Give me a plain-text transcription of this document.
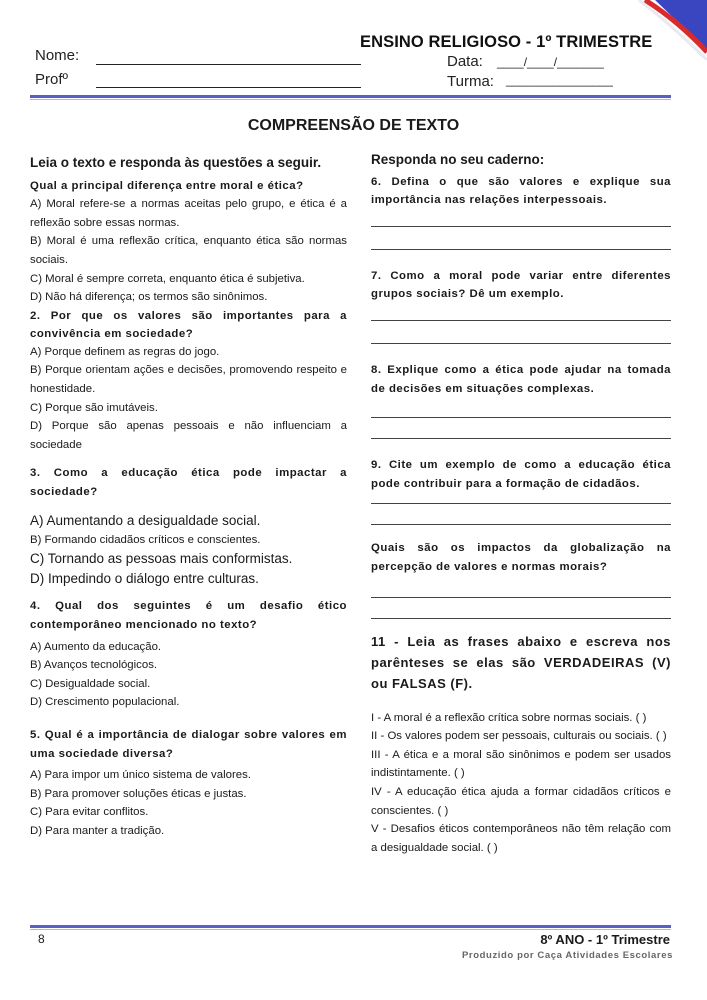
ENSINO RELIGIOSO - 1º TRIMESTRE
Nome:
Profº
Data: ____/____/_______
Turma: ________________
COMPREENSÃO DE TEXTO

Leia o texto e responda às questões a seguir.

Qual a principal diferença entre moral e ética?

A) Moral refere-se a normas aceitas pelo grupo, e ética é a reflexão sobre essas normas.

B) Moral é uma reflexão crítica, enquanto ética são normas sociais.

C) Moral é sempre correta, enquanto ética é subjetiva.

D) Não há diferença; os termos são sinônimos.

2. Por que os valores são importantes para a convivência em sociedade?

A) Porque definem as regras do jogo.

B) Porque orientam ações e decisões, promovendo respeito e honestidade.

C) Porque são imutáveis.

D) Porque são apenas pessoais e não influenciam a sociedade

3. Como a educação ética pode impactar a sociedade?

A) Aumentando a desigualdade social.

B) Formando cidadãos críticos e conscientes.

C) Tornando as pessoas mais conformistas.

D) Impedindo o diálogo entre culturas.

4. Qual dos seguintes é um desafio ético contemporâneo mencionado no texto?

A) Aumento da educação.

B) Avanços tecnológicos.

C) Desigualdade social.

D) Crescimento populacional.

5. Qual é a importância de dialogar sobre valores em uma sociedade diversa?

A) Para impor um único sistema de valores.

B) Para promover soluções éticas e justas.

C) Para evitar conflitos.

D) Para manter a tradição.

Responda no seu caderno:

6. Defina o que são valores e explique sua importância nas relações interpessoais.

7. Como a moral pode variar entre diferentes grupos sociais? Dê um exemplo.

8. Explique como a ética pode ajudar na tomada de decisões em situações complexas.

9. Cite um exemplo de como a educação ética pode contribuir para a formação de cidadãos.

Quais são os impactos da globalização na percepção de valores e normas morais?

11 - Leia as frases abaixo e escreva nos parênteses se elas são VERDADEIRAS (V) ou FALSAS (F).

I - A moral é a reflexão crítica sobre normas sociais. ( )

II - Os valores podem ser pessoais, culturais ou sociais. ( )

III - A ética e a moral são sinônimos e podem ser usados indistintamente. ( )

IV - A educação ética ajuda a formar cidadãos críticos e conscientes. ( )

V - Desafios éticos contemporâneos não têm relação com a desigualdade social. ( )

8	8º ANO - 1º Trimestre
Produzido por Caça Atividades Escolares
